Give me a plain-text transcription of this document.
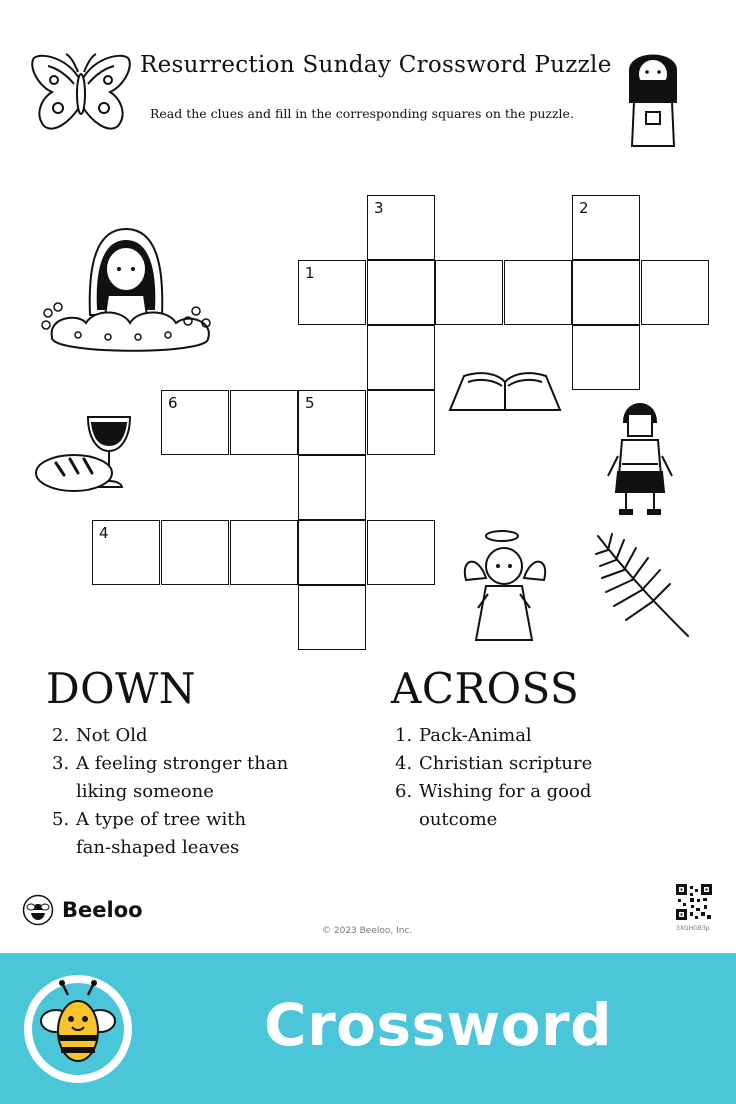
Resurrection Sunday Crossword Puzzle
Read the clues and fill in the corresponding squares on the puzzle.
3	2
1
6	5
4
DOWN
2. Not Old
3. A feeling stronger than
liking someone
5. A type of tree with
fan-shaped leaves
ACROSS
1. Pack-Animal
4. Christian scripture
6. Wishing for a good
outcome
Beeloo
© 2023 Beeloo, Inc.	3XGHGB3p
Crossword
